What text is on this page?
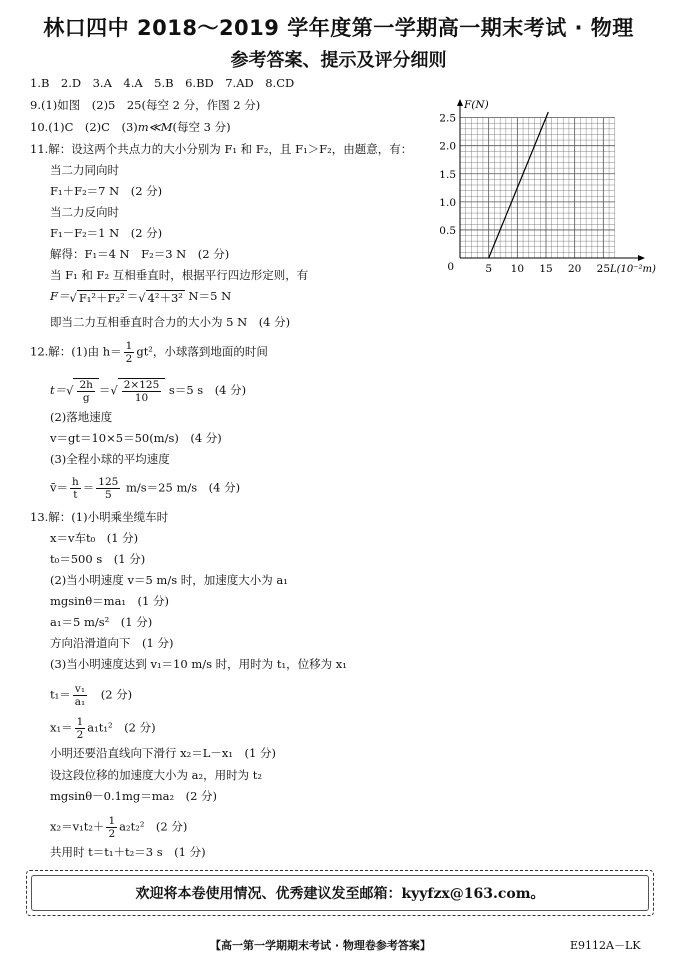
林口四中 2018～2019 学年度第一学期高一期末考试 · 物理
参考答案、提示及评分细则
1.B　2.D　3.A　4.A　5.B　6.BD　7.AD　8.CD
9.(1)如图　(2)5　25(每空 2 分，作图 2 分)
10.(1)C　(2)C　(3)m≪M(每空 3 分)
11.解：设这两个共点力的大小分别为 F₁ 和 F₂，且 F₁＞F₂，由题意，有：
当二力同向时
F₁＋F₂＝7 N　(2 分)
当二力反向时
F₁－F₂＝1 N　(2 分)
解得：F₁＝4 N　F₂＝3 N　(2 分)
当 F₁ 和 F₂ 互相垂直时，根据平行四边形定则，有
F＝√ F₁²＋F₂² ＝√ 4²＋3² N＝5 N
即当二力互相垂直时合力的大小为 5 N　(4 分)
12.解：(1)由 $h= \frac{1}{2} gt^2$，小球落到地面的时间
$t=√ \frac{2h}{g}$ ＝√ $\frac{2\times 125}{10} s=5$ s　(4 分)
(2)落地速度
v＝gt＝10×5＝50(m/s)　(4 分)
(3)全程小球的平均速度
v̄＝ $\frac{h}{t} = \frac{125}{5} m/s=25$ m/s　(4 分)
13.解：(1)小明乘坐缆车时
x＝v车t₀　(1 分)
t₀＝500 s　(1 分)
(2)当小明速度 v＝5 m/s 时，加速度大小为 a₁
mgsinθ＝ma₁　(1 分)
a₁＝5 m/s²　(1 分)
方向沿滑道向下　(1 分)
(3)当小明速度达到 v₁＝10 m/s 时，用时为 t₁，位移为 x₁
$t_1= \frac{\text{v₁}}{\text{a₁}}$ 　(2 分)
$x_1= \frac{1}{2} a_1t_1^2$　(2 分)
小明还要沿直线向下滑行 x₂＝L－x₁　(1 分)
设这段位移的加速度大小为 a₂，用时为 t₂
mgsinθ－0.1mg＝ma₂　(2 分)
$x_2=v_1t_2+ \frac{1}{2} a_2t_2^2$　(2 分)
共用时 t＝t₁＋t₂＝3 s　(1 分)
5 10 15 20 25
0.5
1.0
1.5
2.0
2.5
0
F(N)
L(10⁻²m)
欢迎将本卷使用情况、优秀建议发至邮箱：kyyfzx@163.com。
【高一第一学期期末考试 · 物理卷参考答案】	E9112A－LK
